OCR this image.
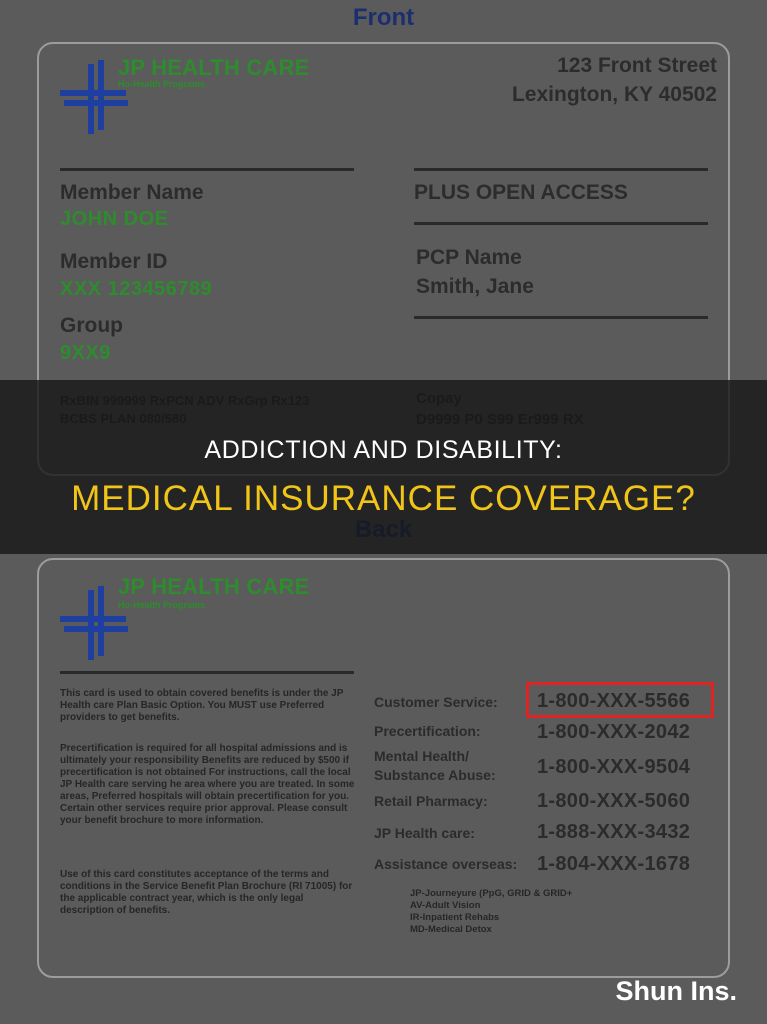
Front
JP HEALTH CARE
Ho-Health Programs
123 Front Street
Lexington, KY 40502
Member Name
JOHN DOE
Member ID
XXX 123456789
Group
9XX9
PLUS OPEN ACCESS
PCP Name
Smith, Jane
JP HEALTH CARE
Ho-Health Programs

This card is used to obtain covered benefits is under the JP Health care Plan Basic Option. You MUST use Preferred providers to get benefits.

Precertification is required for all hospital admissions and is ultimately your responsibility Benefits are reduced by $500 if precertification is not obtained For instructions, call the local JP Health care serving he area where you are treated. In some areas, Preferred hospitals will obtain precertification for you. Certain other services require prior approval. Please consult your benefit brochure to more information.

Use of this card constitutes acceptance of the terms and conditions in the Service Benefit Plan Brochure (RI 71005) for the applicable contract year, which is the only legal description of benefits.

Customer Service: 1-800-XXX-5566
Precertification:	1-800-XXX-2042
Mental Health/ Substance Abuse:	1-800-XXX-9504
Retail Pharmacy: 1-800-XXX-5060
JP Health care:	1-888-XXX-3432
Assistance overseas: 1-804-XXX-1678
JP-Journeyure (PpG, GRID & GRID+
AV-Adult Vision
IR-Inpatient Rehabs
MD-Medical Detox
ADDICTION AND DISABILITY:
MEDICAL INSURANCE COVERAGE?
Shun Ins.
